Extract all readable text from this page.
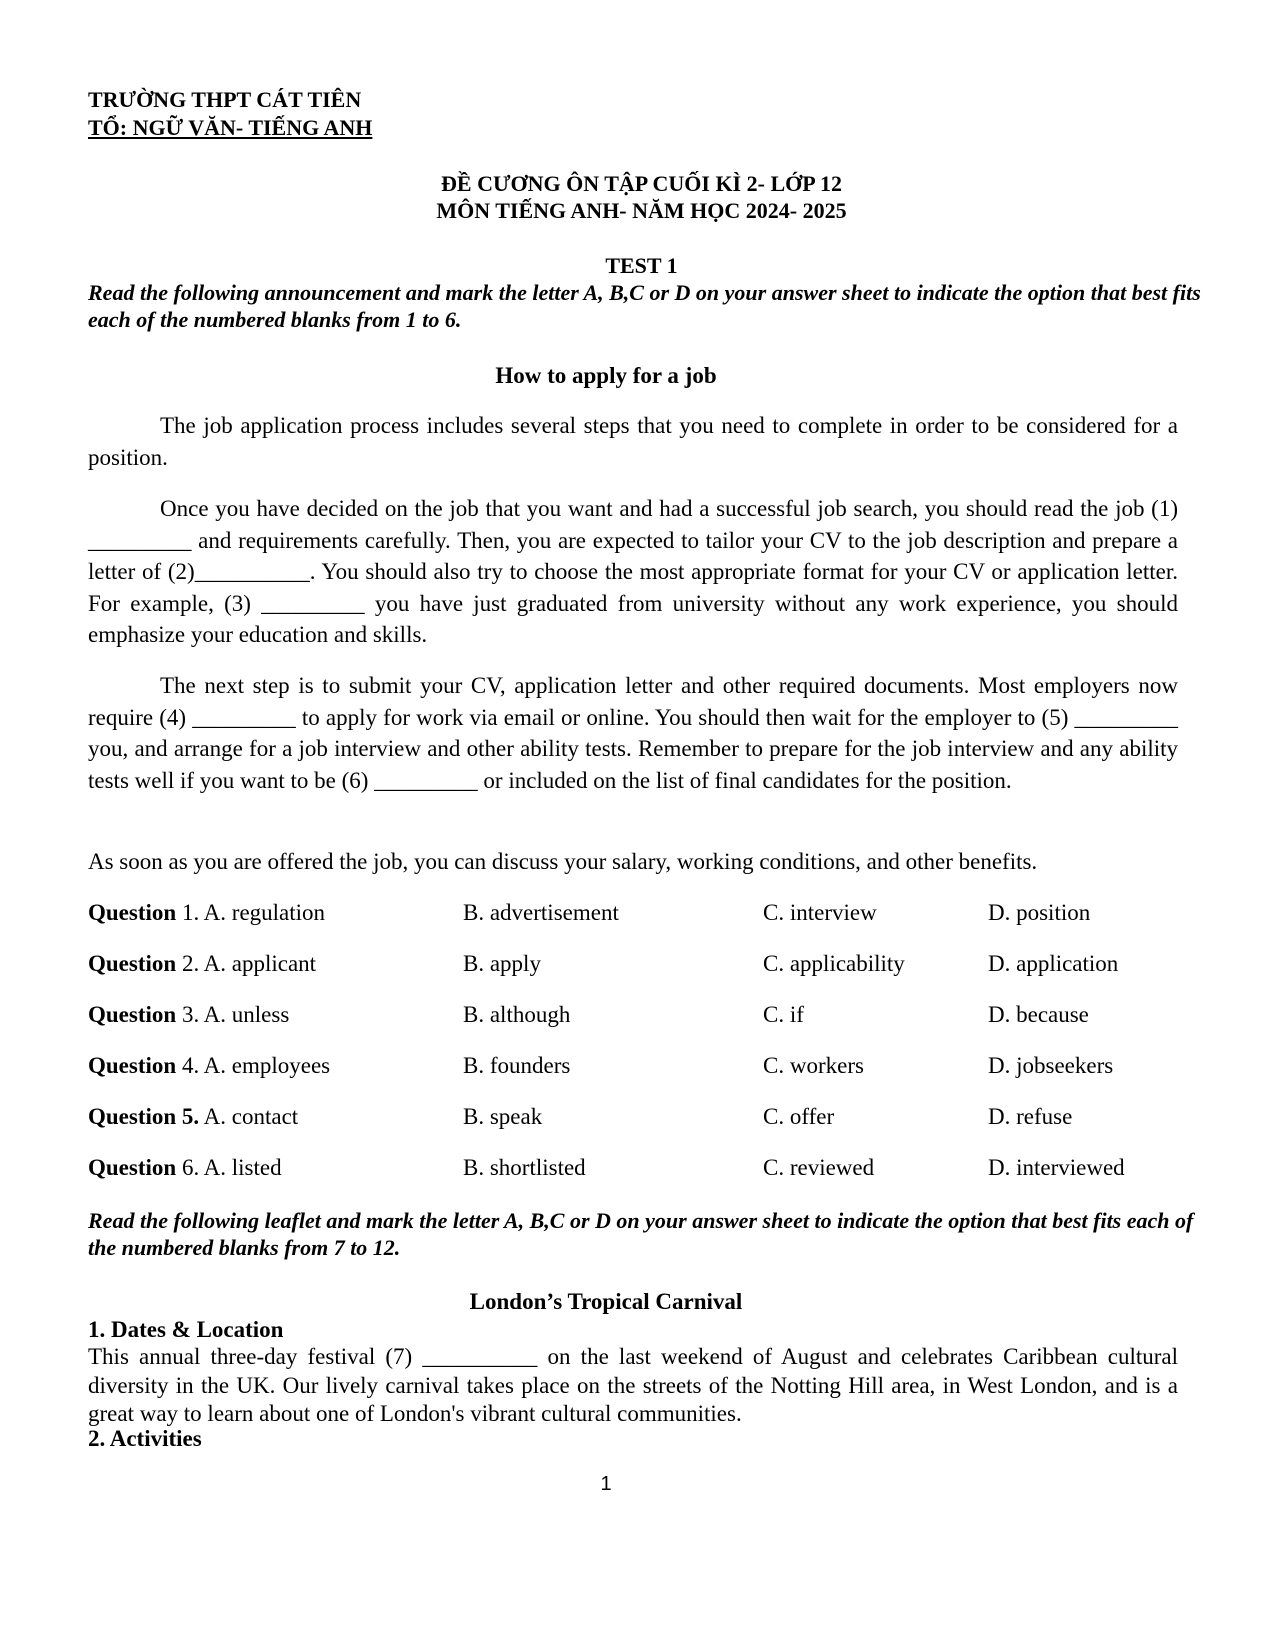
TRƯỜNG THPT CÁT TIÊN
TỔ: NGỮ VĂN- TIẾNG ANH
ĐỀ CƯƠNG ÔN TẬP CUỐI KÌ 2- LỚP 12
MÔN TIẾNG ANH- NĂM HỌC 2024- 2025
TEST 1
Read the following announcement and mark the letter A, B,C or D on your answer sheet to indicate the option that best fits each of the numbered blanks from 1 to 6.
How to apply for a job
The job application process includes several steps that you need to complete in order to be considered for a position.
Once you have decided on the job that you want and had a successful job search, you should read the job (1) _________ and requirements carefully. Then, you are expected to tailor your CV to the job description and prepare a letter of (2)__________. You should also try to choose the most appropriate format for your CV or application letter. For example, (3) _________ you have just graduated from university without any work experience, you should emphasize your education and skills.
The next step is to submit your CV, application letter and other required documents. Most employers now require (4) _________ to apply for work via email or online. You should then wait for the employer to (5) _________ you, and arrange for a job interview and other ability tests. Remember to prepare for the job interview and any ability tests well if you want to be (6) _________ or included on the list of final candidates for the position.
As soon as you are offered the job, you can discuss your salary, working conditions, and other benefits.
Question 1. A. regulation	B. advertisement	C. interview	D. position
Question 2. A. applicant	B. apply	C. applicability	D. application
Question 3. A. unless	B. although	C. if	D. because
Question 4. A. employees	B. founders	C. workers	D. jobseekers
Question 5. A. contact	B. speak	C. offer	D. refuse
Question 6. A. listed	B. shortlisted	C. reviewed	D. interviewed
Read the following leaflet and mark the letter A, B,C or D on your answer sheet to indicate the option that best fits each of the numbered blanks from 7 to 12.
London’s Tropical Carnival
1. Dates & Location
This annual three-day festival (7) __________ on the last weekend of August and celebrates Caribbean cultural diversity in the UK. Our lively carnival takes place on the streets of the Notting Hill area, in West London, and is a great way to learn about one of London's vibrant cultural communities.
2. Activities
1
